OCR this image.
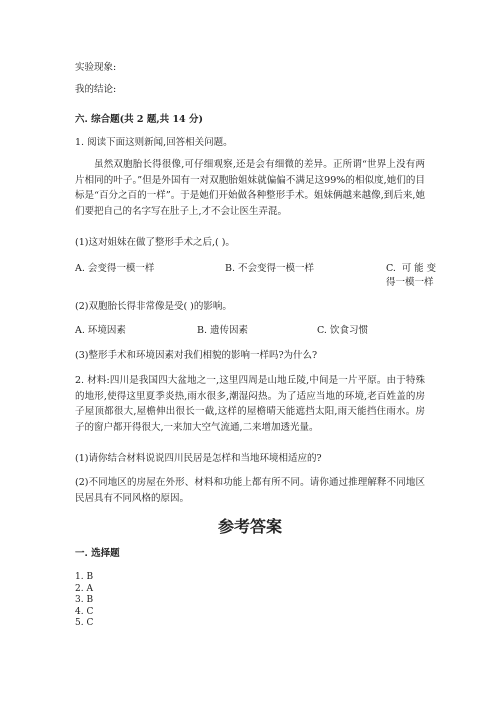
实验现象:
我的结论:
六. 综合题(共 2 题,共 14 分)
1. 阅读下面这则新闻,回答相关问题。
虽然双胞胎长得很像,可仔细观察,还是会有细微的差异。正所谓“世界上没有两片相同的叶子。”但是外国有一对双胞胎姐妹就偏偏不满足这99%的相似度,她们的目标是“百分之百的一样”。于是她们开始做各种整形手术。姐妹俩越来越像,到后来,她们要把自己的名字写在肚子上,才不会让医生弄混。
(1)这对姐妹在做了整形手术之后,( )。
A. 会变得一模一样	B. 不会变得一模一样	C. 可能变得一模一样
(2)双胞胎长得非常像是受( )的影响。
A. 环境因素	B. 遗传因素	C. 饮食习惯
(3)整形手术和环境因素对我们相貌的影响一样吗?为什么?
2. 材料:四川是我国四大盆地之一,这里四周是山地丘陵,中间是一片平原。由于特殊的地形,使得这里夏季炎热,雨水很多,潮湿闷热。为了适应当地的环境,老百姓盖的房子屋顶都很大,屋檐伸出很长一截,这样的屋檐晴天能遮挡太阳,雨天能挡住雨水。房子的窗户都开得很大,一来加大空气流通,二来增加透光量。
(1)请你结合材料说说四川民居是怎样和当地环境相适应的?
(2)不同地区的房屋在外形、材料和功能上都有所不同。请你通过推理解释不同地区民居具有不同风格的原因。
参考答案
一. 选择题
1. B
2. A
3. B
4. C
5. C
